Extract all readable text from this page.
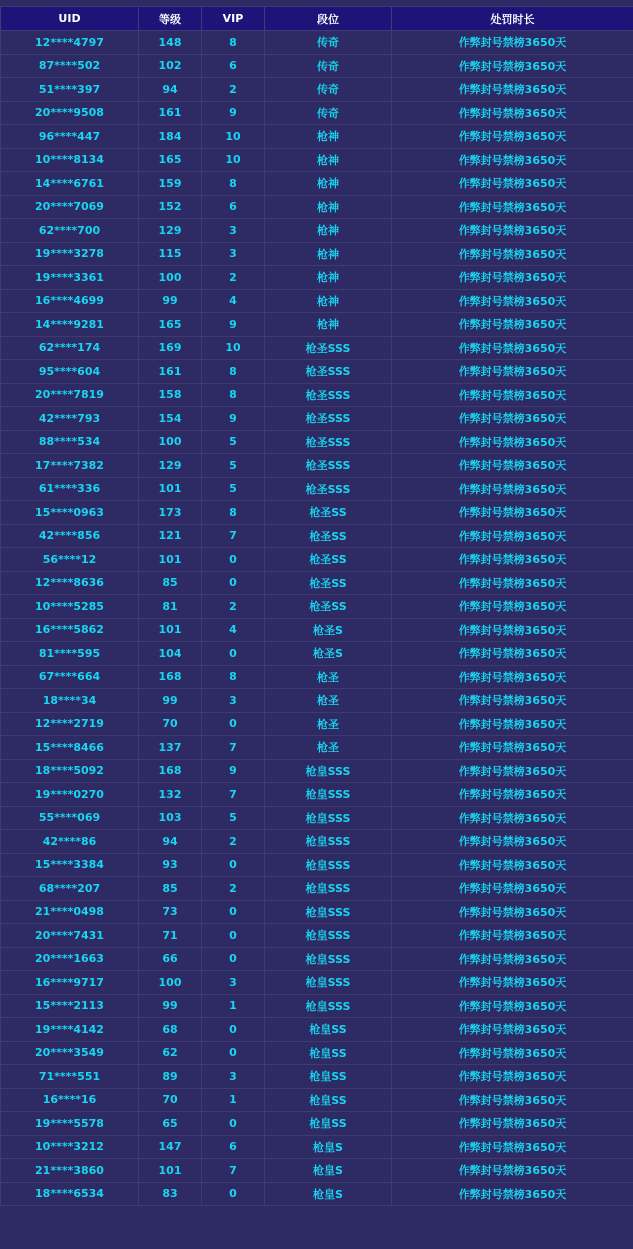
UID	等级	VIP	段位	处罚时长
12****4797	148	8	传奇	作弊封号禁榜3650天
87****502	102	6	传奇	作弊封号禁榜3650天
51****397	94	2	传奇	作弊封号禁榜3650天
20****9508	161	9	传奇	作弊封号禁榜3650天
96****447	184	10	枪神	作弊封号禁榜3650天
10****8134	165	10	枪神	作弊封号禁榜3650天
14****6761	159	8	枪神	作弊封号禁榜3650天
20****7069	152	6	枪神	作弊封号禁榜3650天
62****700	129	3	枪神	作弊封号禁榜3650天
19****3278	115	3	枪神	作弊封号禁榜3650天
19****3361	100	2	枪神	作弊封号禁榜3650天
16****4699	99	4	枪神	作弊封号禁榜3650天
14****9281	165	9	枪神	作弊封号禁榜3650天
62****174	169	10	枪圣SSS	作弊封号禁榜3650天
95****604	161	8	枪圣SSS	作弊封号禁榜3650天
20****7819	158	8	枪圣SSS	作弊封号禁榜3650天
42****793	154	9	枪圣SSS	作弊封号禁榜3650天
88****534	100	5	枪圣SSS	作弊封号禁榜3650天
17****7382	129	5	枪圣SSS	作弊封号禁榜3650天
61****336	101	5	枪圣SSS	作弊封号禁榜3650天
15****0963	173	8	枪圣SS	作弊封号禁榜3650天
42****856	121	7	枪圣SS	作弊封号禁榜3650天
56****12	101	0	枪圣SS	作弊封号禁榜3650天
12****8636	85	0	枪圣SS	作弊封号禁榜3650天
10****5285	81	2	枪圣SS	作弊封号禁榜3650天
16****5862	101	4	枪圣S	作弊封号禁榜3650天
81****595	104	0	枪圣S	作弊封号禁榜3650天
67****664	168	8	枪圣	作弊封号禁榜3650天
18****34	99	3	枪圣	作弊封号禁榜3650天
12****2719	70	0	枪圣	作弊封号禁榜3650天
15****8466	137	7	枪圣	作弊封号禁榜3650天
18****5092	168	9	枪皇SSS	作弊封号禁榜3650天
19****0270	132	7	枪皇SSS	作弊封号禁榜3650天
55****069	103	5	枪皇SSS	作弊封号禁榜3650天
42****86	94	2	枪皇SSS	作弊封号禁榜3650天
15****3384	93	0	枪皇SSS	作弊封号禁榜3650天
68****207	85	2	枪皇SSS	作弊封号禁榜3650天
21****0498	73	0	枪皇SSS	作弊封号禁榜3650天
20****7431	71	0	枪皇SSS	作弊封号禁榜3650天
20****1663	66	0	枪皇SSS	作弊封号禁榜3650天
16****9717	100	3	枪皇SSS	作弊封号禁榜3650天
15****2113	99	1	枪皇SSS	作弊封号禁榜3650天
19****4142	68	0	枪皇SS	作弊封号禁榜3650天
20****3549	62	0	枪皇SS	作弊封号禁榜3650天
71****551	89	3	枪皇SS	作弊封号禁榜3650天
16****16	70	1	枪皇SS	作弊封号禁榜3650天
19****5578	65	0	枪皇SS	作弊封号禁榜3650天
10****3212	147	6	枪皇S	作弊封号禁榜3650天
21****3860	101	7	枪皇S	作弊封号禁榜3650天
18****6534	83	0	枪皇S	作弊封号禁榜3650天
